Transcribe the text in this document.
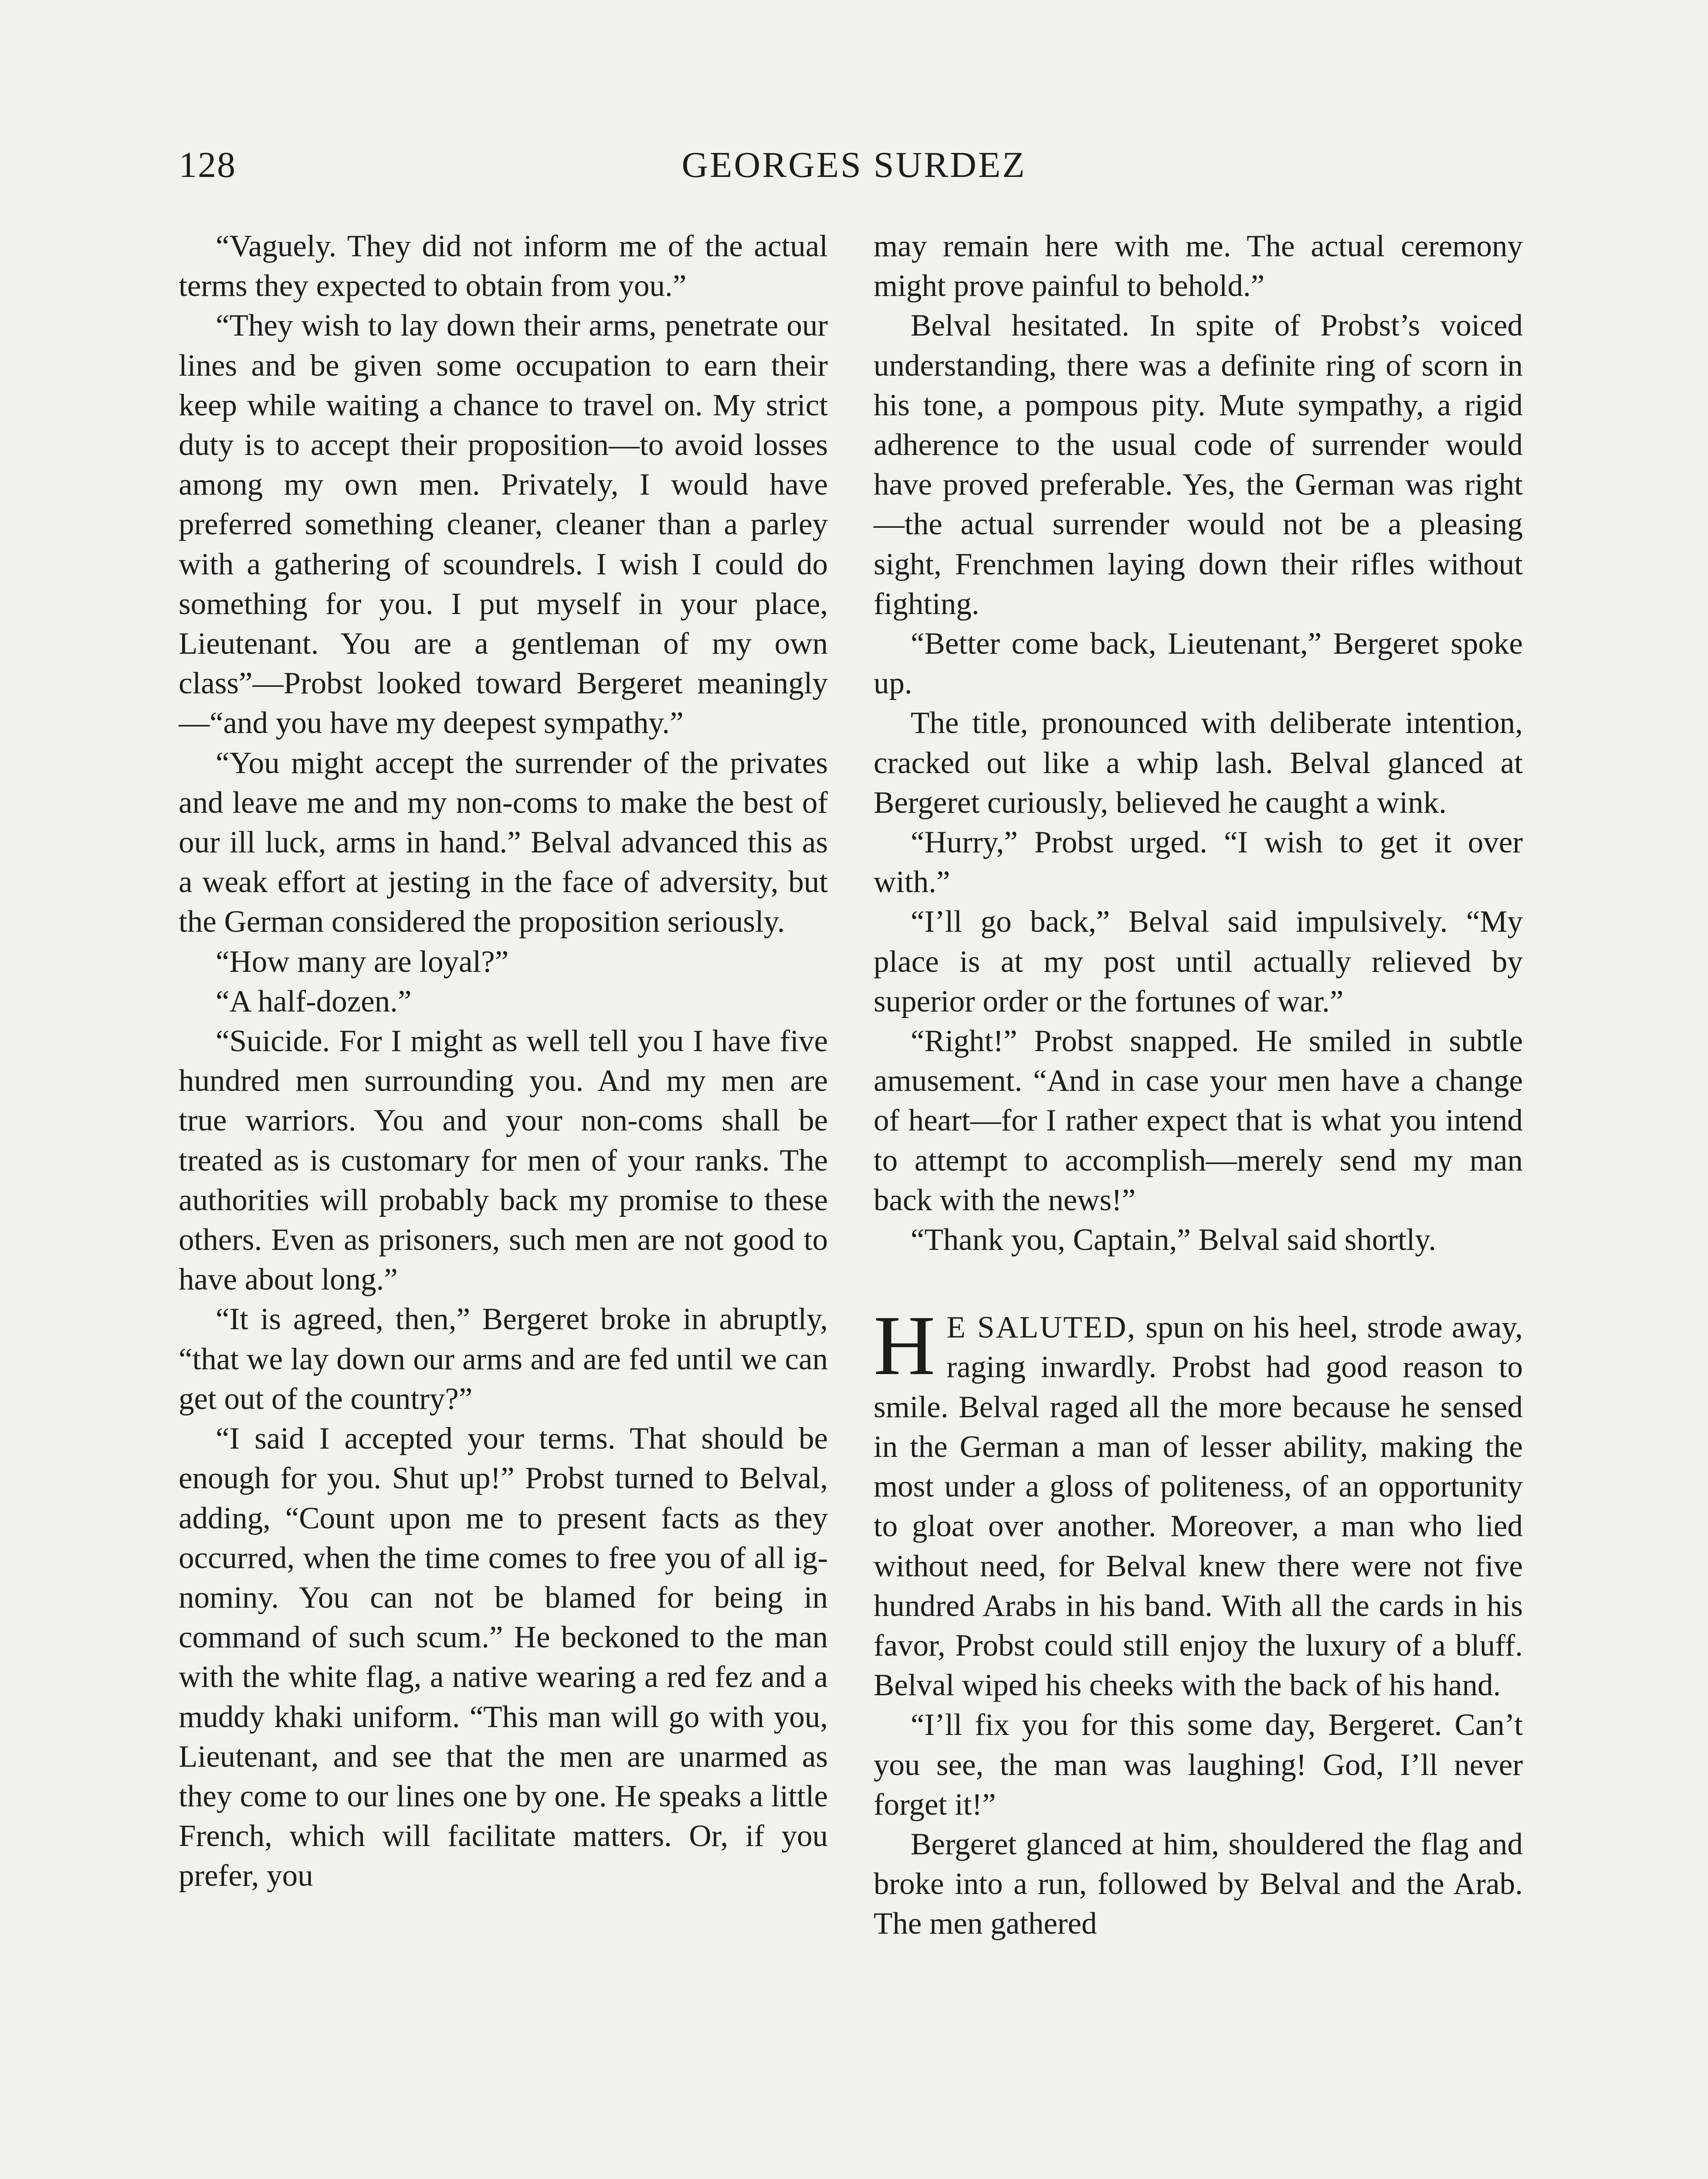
128	GEORGES SURDEZ

“Vaguely. They did not inform me of the actual terms they expected to obtain from you.”

“They wish to lay down their arms, penetrate our lines and be given some occupation to earn their keep while waiting a chance to travel on. My strict duty is to accept their proposition—to avoid losses among my own men. Privately, I would have preferred something cleaner, cleaner than a parley with a gathering of scoundrels. I wish I could do something for you. I put myself in your place, Lieutenant. You are a gentleman of my own class”—Probst looked toward Bergeret meaningly—“and you have my deepest sympathy.”

“You might accept the surrender of the privates and leave me and my non-coms to make the best of our ill luck, arms in hand.” Belval advanced this as a weak effort at jesting in the face of adversity, but the German considered the proposition seriously.

“How many are loyal?”

“A half-dozen.”

“Suicide. For I might as well tell you I have five hundred men surrounding you. And my men are true warriors. You and your non-coms shall be treated as is customary for men of your ranks. The authorities will probably back my promise to these others. Even as prisoners, such men are not good to have about long.”

“It is agreed, then,” Bergeret broke in abruptly, “that we lay down our arms and are fed until we can get out of the country?”

“I said I accepted your terms. That should be enough for you. Shut up!” Probst turned to Belval, adding, “Count upon me to present facts as they occurred, when the time comes to free you of all ignominy. You can not be blamed for being in command of such scum.” He beckoned to the man with the white flag, a native wearing a red fez and a muddy khaki uniform. “This man will go with you, Lieutenant, and see that the men are unarmed as they come to our lines one by one. He speaks a little French, which will facilitate matters. Or, if you prefer, you

may remain here with me. The actual ceremony might prove painful to behold.”

Belval hesitated. In spite of Probst’s voiced understanding, there was a definite ring of scorn in his tone, a pompous pity. Mute sympathy, a rigid adherence to the usual code of surrender would have proved preferable. Yes, the German was right—the actual surrender would not be a pleasing sight, Frenchmen laying down their rifles without fighting.

“Better come back, Lieutenant,” Bergeret spoke up.

The title, pronounced with deliberate intention, cracked out like a whip lash. Belval glanced at Bergeret curiously, believed he caught a wink.

“Hurry,” Probst urged. “I wish to get it over with.”

“I’ll go back,” Belval said impulsively. “My place is at my post until actually relieved by superior order or the fortunes of war.”

“Right!” Probst snapped. He smiled in subtle amusement. “And in case your men have a change of heart—for I rather expect that is what you intend to attempt to accomplish—merely send my man back with the news!”

“Thank you, Captain,” Belval said shortly.

H E SALUTED, spun on his heel, strode away, raging inwardly. Probst had good reason to smile. Belval raged all the more because he sensed in the German a man of lesser ability, making the most under a gloss of politeness, of an opportunity to gloat over another. Moreover, a man who lied without need, for Belval knew there were not five hundred Arabs in his band. With all the cards in his favor, Probst could still enjoy the luxury of a bluff. Belval wiped his cheeks with the back of his hand.

“I’ll fix you for this some day, Bergeret. Can’t you see, the man was laughing! God, I’ll never forget it!”

Bergeret glanced at him, shouldered the flag and broke into a run, followed by Belval and the Arab. The men gathered
